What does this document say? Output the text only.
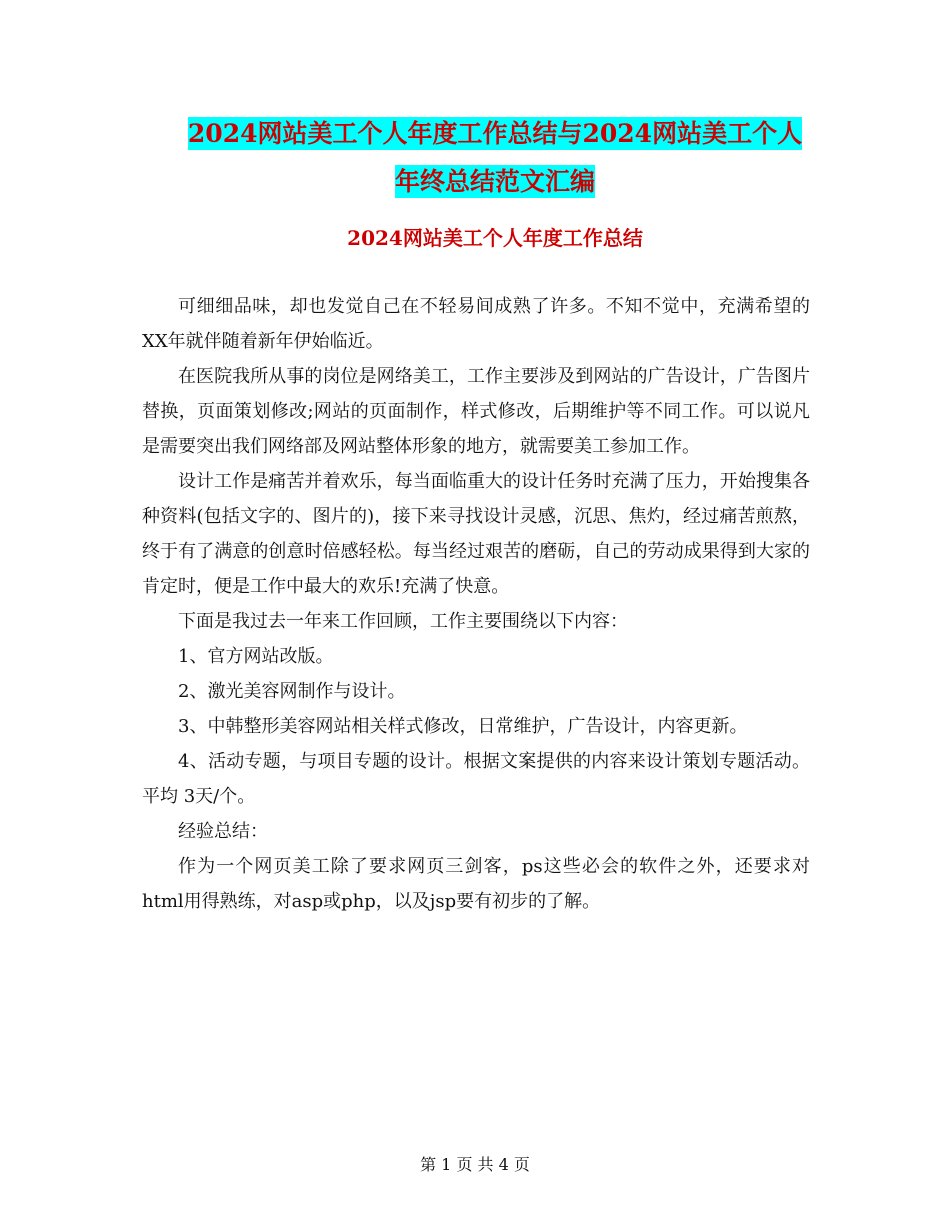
2024网站美工个人年度工作总结与2024网站美工个人
年终总结范文汇编
2024网站美工个人年度工作总结

可细细品味，却也发觉自己在不轻易间成熟了许多。不知不觉中，充满希望的XX年就伴随着新年伊始临近。

在医院我所从事的岗位是网络美工，工作主要涉及到网站的广告设计，广告图片替换，页面策划修改;网站的页面制作，样式修改，后期维护等不同工作。可以说凡是需要突出我们网络部及网站整体形象的地方，就需要美工参加工作。

设计工作是痛苦并着欢乐，每当面临重大的设计任务时充满了压力，开始搜集各种资料(包括文字的、图片的)，接下来寻找设计灵感，沉思、焦灼，经过痛苦煎熬，终于有了满意的创意时倍感轻松。每当经过艰苦的磨砺，自己的劳动成果得到大家的肯定时，便是工作中最大的欢乐!充满了快意。

下面是我过去一年来工作回顾，工作主要围绕以下内容：

1、官方网站改版。

2、激光美容网制作与设计。

3、中韩整形美容网站相关样式修改，日常维护，广告设计，内容更新。

4、活动专题，与项目专题的设计。根据文案提供的内容来设计策划专题活动。平均 3天/个。

经验总结：

作为一个网页美工除了要求网页三剑客，ps这些必会的软件之外，还要求对html用得熟练，对asp或php，以及jsp要有初步的了解。

第 1 页 共 4 页
